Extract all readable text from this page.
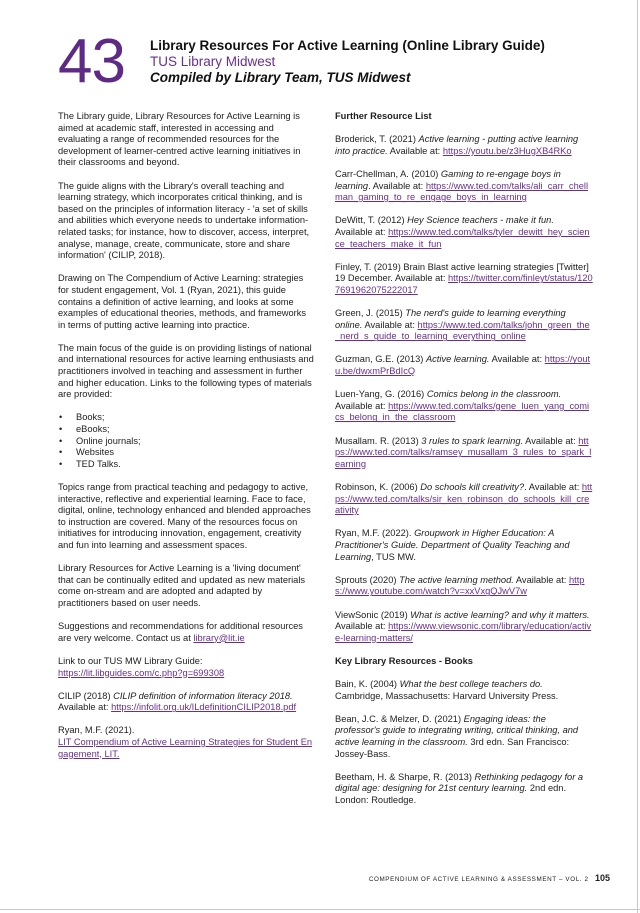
43 Library Resources For Active Learning (Online Library Guide)
TUS Library Midwest
Compiled by Library Team, TUS Midwest

The Library guide, Library Resources for Active Learning is aimed at academic staff, interested in accessing and evaluating a range of recommended resources for the development of learner-centred active learning initiatives in their classrooms and beyond.

The guide aligns with the Library's overall teaching and learning strategy, which incorporates critical thinking, and is based on the principles of information literacy - 'a set of skills and abilities which everyone needs to undertake information-related tasks; for instance, how to discover, access, interpret, analyse, manage, create, communicate, store and share information' (CILIP, 2018).

Drawing on The Compendium of Active Learning: strategies for student engagement, Vol. 1 (Ryan, 2021), this guide contains a definition of active learning, and looks at some examples of educational theories, methods, and frameworks in terms of putting active learning into practice.

The main focus of the guide is on providing listings of national and international resources for active learning enthusiasts and practitioners involved in teaching and assessment in further and higher education. Links to the following types of materials are provided:

• Books;
• eBooks;
• Online journals;
• Websites
• TED Talks.

Topics range from practical teaching and pedagogy to active, interactive, reflective and experiential learning. Face to face, digital, online, technology enhanced and blended approaches to instruction are covered. Many of the resources focus on initiatives for introducing innovation, engagement, creativity and fun into learning and assessment spaces.

Library Resources for Active Learning is a 'living document' that can be continually edited and updated as new materials come on-stream and are adopted and adapted by practitioners based on user needs.

Suggestions and recommendations for additional resources are very welcome. Contact us at library@lit.ie

Link to our TUS MW Library Guide:
https://lit.libguides.com/c.php?g=699308

CILIP (2018) CILIP definition of information literacy 2018.
Available at: https://infolit.org.uk/ILdefinitionCILIP2018.pdf

Ryan, M.F. (2021).
LIT Compendium of Active Learning Strategies for Student Engagement, LIT.

Further Resource List

Broderick, T. (2021) Active learning - putting active learning into practice. Available at: https://youtu.be/z3HugXB4RKo

Carr-Chellman, A. (2010) Gaming to re-engage boys in learning. Available at: https://www.ted.com/talks/ali_carr_chellman_gaming_to_re_engage_boys_in_learning

DeWitt, T. (2012) Hey Science teachers - make it fun. Available at: https://www.ted.com/talks/tyler_dewitt_hey_science_teachers_make_it_fun

Finley, T. (2019) Brain Blast active learning strategies [Twitter] 19 December. Available at: https://twitter.com/finleyt/status/1207691962075222017

Green, J. (2015) The nerd's guide to learning everything online. Available at: https://www.ted.com/talks/john_green_the_nerd_s_guide_to_learning_everything_online

Guzman, G.E. (2013) Active learning. Available at: https://youtu.be/dwxmPrBdIcQ

Luen-Yang, G. (2016) Comics belong in the classroom. Available at: https://www.ted.com/talks/gene_luen_yang_comics_belong_in_the_classroom

Musallam. R. (2013) 3 rules to spark learning. Available at: https://www.ted.com/talks/ramsey_musallam_3_rules_to_spark_learning

Robinson, K. (2006) Do schools kill creativity?. Available at: https://www.ted.com/talks/sir_ken_robinson_do_schools_kill_creativity

Ryan, M.F. (2022). Groupwork in Higher Education: A Practitioner's Guide. Department of Quality Teaching and Learning, TUS MW.

Sprouts (2020) The active learning method. Available at: https://www.youtube.com/watch?v=xxVxgQJwV7w

ViewSonic (2019) What is active learning? and why it matters. Available at: https://www.viewsonic.com/library/education/active-learning-matters/

Key Library Resources - Books

Bain, K. (2004) What the best college teachers do. Cambridge, Massachusetts: Harvard University Press.

Bean, J.C. & Melzer, D. (2021) Engaging ideas: the professor's guide to integrating writing, critical thinking, and active learning in the classroom. 3rd edn. San Francisco: Jossey-Bass.

Beetham, H. & Sharpe, R. (2013) Rethinking pedagogy for a digital age: designing for 21st century learning. 2nd edn. London: Routledge.

COMPENDIUM OF ACTIVE LEARNING & ASSESSMENT – VOL. 2 105
